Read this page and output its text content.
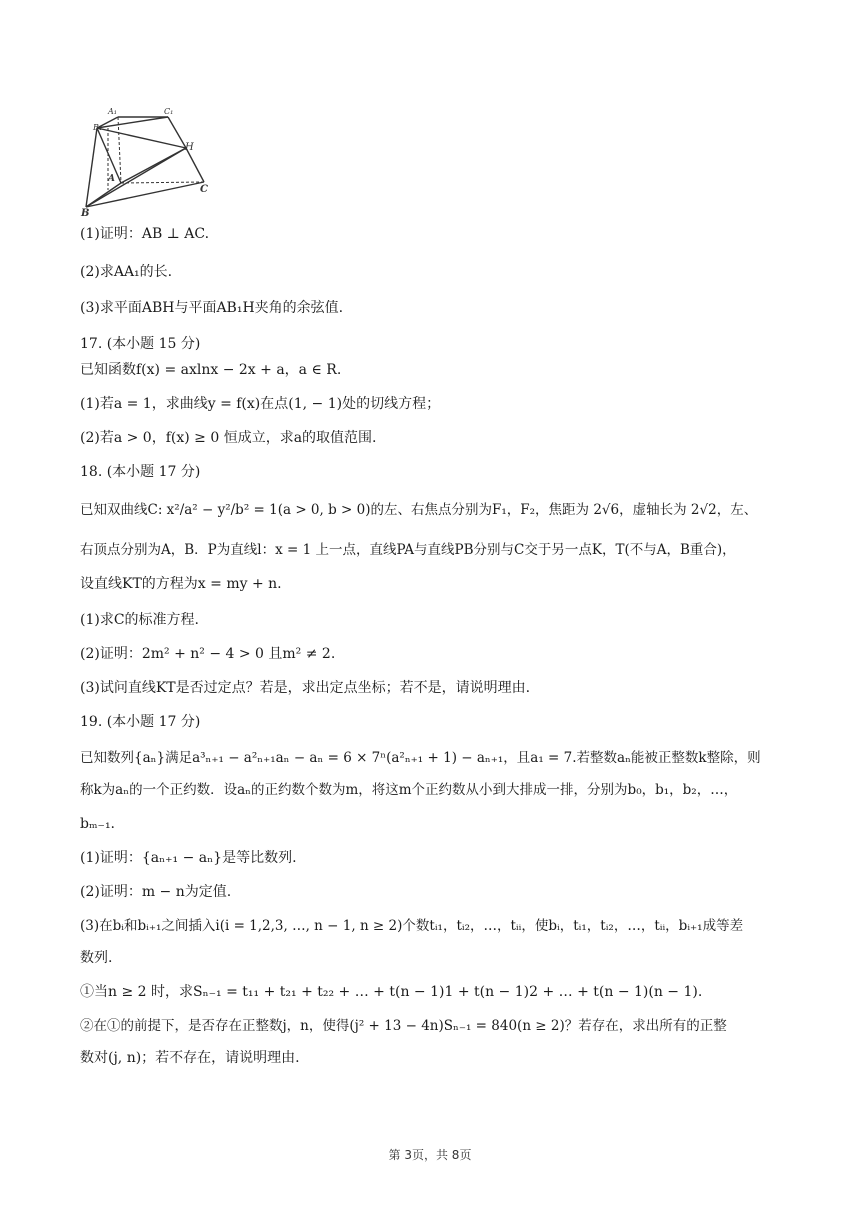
A₁	C₁
B₁
H
A
C
B
(1)证明：AB ⊥ AC.
(2)求AA₁的长.
(3)求平面ABH与平面AB₁H夹角的余弦值.
17. (本小题 15 分)
已知函数f(x) = axlnx − 2x + a，a ∈ R.
(1)若a = 1，求曲线y = f(x)在点(1, − 1)处的切线方程；
(2)若a > 0，f(x) ≥ 0 恒成立，求a的取值范围.
18. (本小题 17 分)
已知双曲线C: x²/a² − y²/b² = 1(a > 0, b > 0)的左、右焦点分别为F₁，F₂，焦距为 2√6，虚轴长为 2√2，左、
右顶点分别为A，B．P为直线l：x = 1 上一点，直线PA与直线PB分别与C交于另一点K，T(不与A，B重合)，
设直线KT的方程为x = my + n.
(1)求C的标准方程.
(2)证明：2m² + n² − 4 > 0 且m² ≠ 2.
(3)试问直线KT是否过定点？若是，求出定点坐标；若不是，请说明理由.
19. (本小题 17 分)
已知数列{aₙ}满足a³ₙ₊₁ − a²ₙ₊₁aₙ − aₙ = 6 × 7ⁿ(a²ₙ₊₁ + 1) − aₙ₊₁，且a₁ = 7.若整数aₙ能被正整数k整除，则
称k为aₙ的一个正约数．设aₙ的正约数个数为m，将这m个正约数从小到大排成一排，分别为b₀，b₁，b₂，…，
bₘ₋₁.
(1)证明：{aₙ₊₁ − aₙ}是等比数列.
(2)证明：m − n为定值.
(3)在bᵢ和bᵢ₊₁之间插入i(i = 1,2,3, …, n − 1, n ≥ 2)个数tᵢ₁，tᵢ₂，…，tᵢᵢ，使bᵢ，tᵢ₁，tᵢ₂，…，tᵢᵢ，bᵢ₊₁成等差
数列.
①当n ≥ 2 时，求Sₙ₋₁ = t₁₁ + t₂₁ + t₂₂ + … + t(n − 1)1 + t(n − 1)2 + … + t(n − 1)(n − 1).
②在①的前提下，是否存在正整数j，n，使得(j² + 13 − 4n)Sₙ₋₁ = 840(n ≥ 2)？若存在，求出所有的正整
数对(j, n)；若不存在，请说明理由.
第 3页，共 8页
